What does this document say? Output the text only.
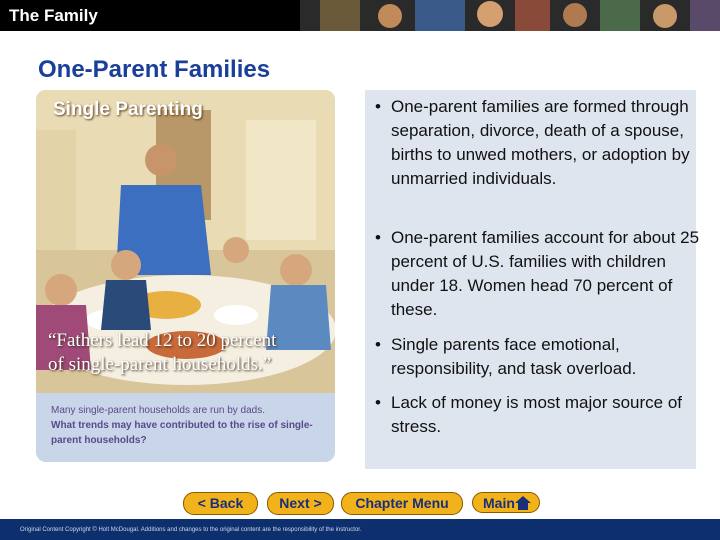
The Family
One-Parent Families
Single Parenting
“Fathers lead 12 to 20 percent
of single-parent households.”
Many single-parent households are run by dads.
What trends may have contributed to the rise of single-
parent households?
• One-parent families are formed through separation, divorce, death of a spouse, births to unwed mothers, or adoption by unmarried individuals.
• One-parent families account for about 25 percent of U.S. families with children under 18. Women head 70 percent of these.
• Single parents face emotional, responsibility, and task overload.
• Lack of money is most major source of stress.
< Back	Next >	Chapter Menu	Main
Original Content Copyright © Holt McDougal. Additions and changes to the original content are the responsibility of the instructor.
